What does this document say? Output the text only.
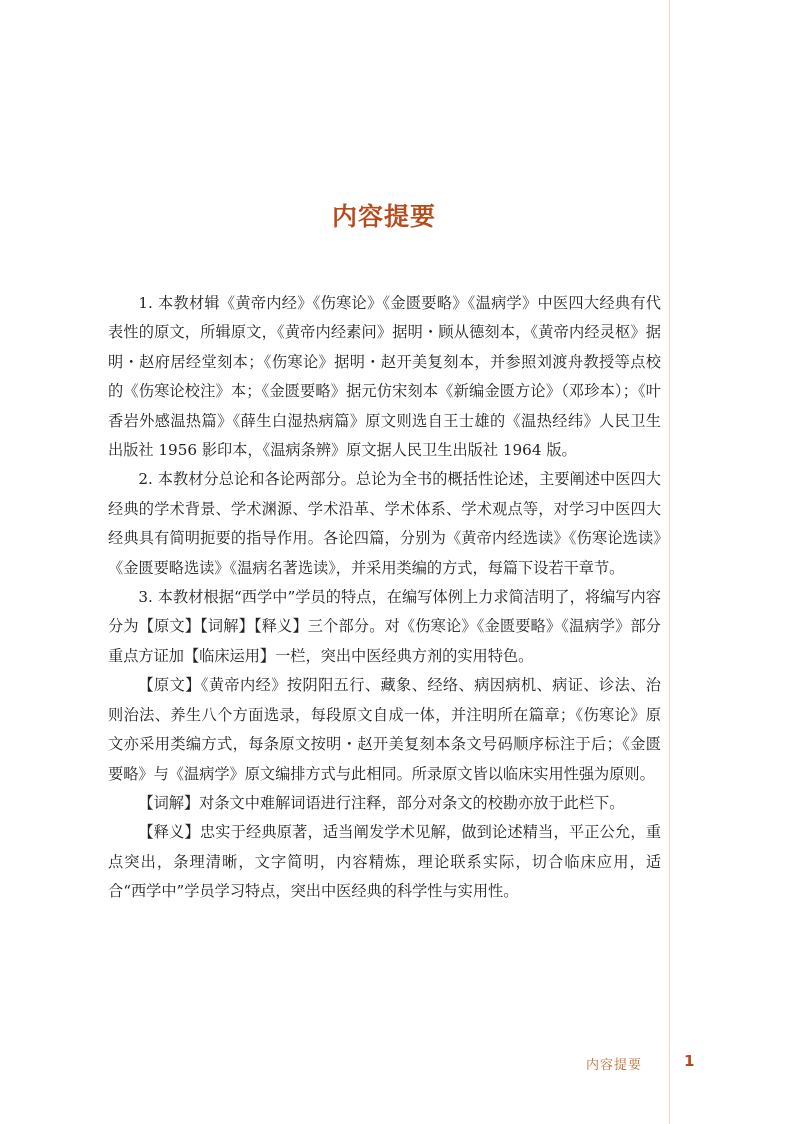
内容提要

1. 本教材辑《黄帝内经》《伤寒论》《金匮要略》《温病学》中医四大经典有代表性的原文，所辑原文，《黄帝内经素问》据明・顾从德刻本，《黄帝内经灵枢》据明・赵府居经堂刻本；《伤寒论》据明・赵开美复刻本，并参照刘渡舟教授等点校的《伤寒论校注》本；《金匮要略》据元仿宋刻本《新编金匮方论》（邓珍本）；《叶香岩外感温热篇》《薛生白湿热病篇》原文则选自王士雄的《温热经纬》人民卫生出版社 1956 影印本，《温病条辨》原文据人民卫生出版社 1964 版。

2. 本教材分总论和各论两部分。总论为全书的概括性论述，主要阐述中医四大经典的学术背景、学术渊源、学术沿革、学术体系、学术观点等，对学习中医四大经典具有简明扼要的指导作用。各论四篇，分别为《黄帝内经选读》《伤寒论选读》《金匮要略选读》《温病名著选读》，并采用类编的方式，每篇下设若干章节。

3. 本教材根据“西学中”学员的特点，在编写体例上力求简洁明了，将编写内容分为【原文】【词解】【释义】三个部分。对《伤寒论》《金匮要略》《温病学》部分重点方证加【临床运用】一栏，突出中医经典方剂的实用特色。

【原文】《黄帝内经》按阴阳五行、藏象、经络、病因病机、病证、诊法、治则治法、养生八个方面选录，每段原文自成一体，并注明所在篇章；《伤寒论》原文亦采用类编方式，每条原文按明・赵开美复刻本条文号码顺序标注于后；《金匮要略》与《温病学》原文编排方式与此相同。所录原文皆以临床实用性强为原则。

【词解】对条文中难解词语进行注释，部分对条文的校勘亦放于此栏下。

【释义】忠实于经典原著，适当阐发学术见解，做到论述精当，平正公允，重点突出，条理清晰，文字简明，内容精炼，理论联系实际，切合临床应用，适合“西学中”学员学习特点，突出中医经典的科学性与实用性。

内容提要	1
